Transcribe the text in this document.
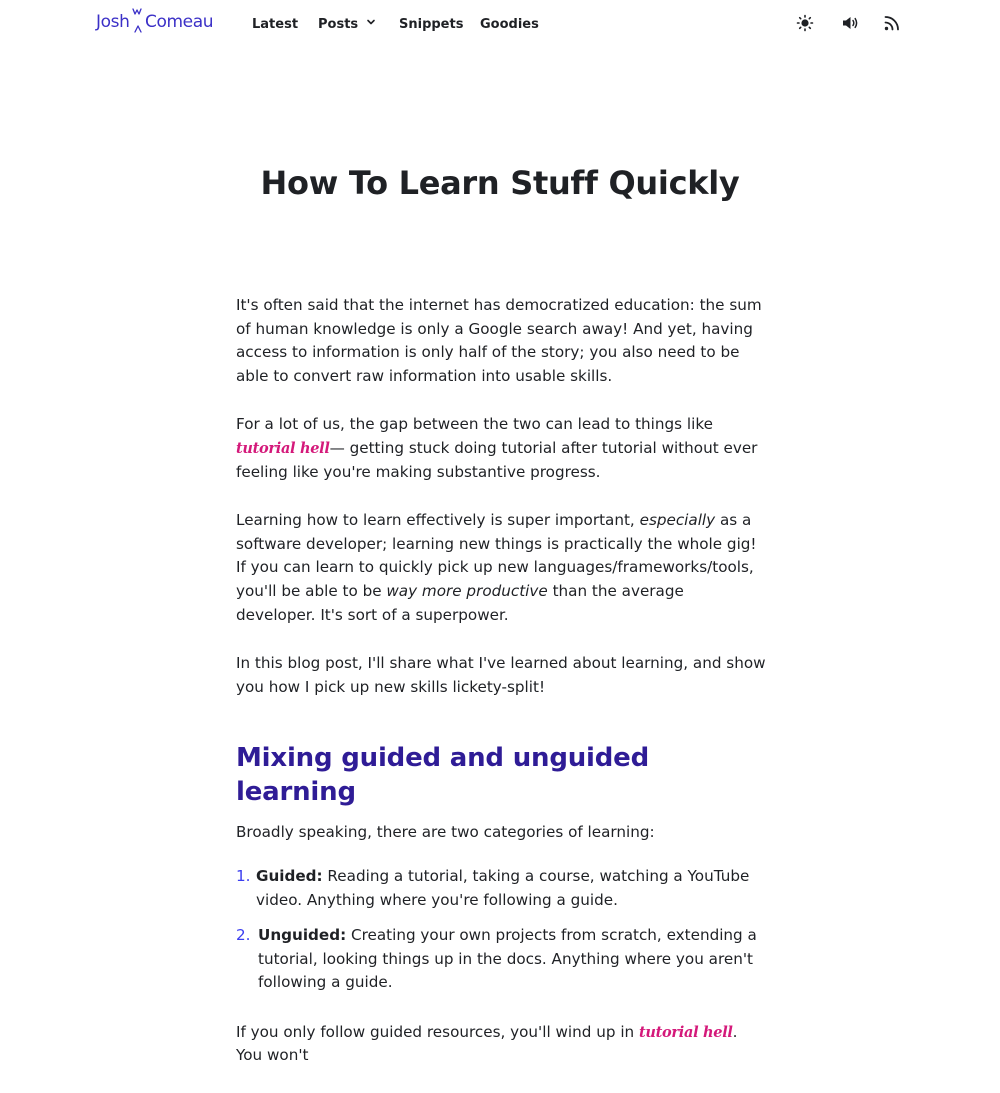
Josh Comeau	Latest Posts	Snippets Goodies
How To Learn Stuff Quickly

It's often said that the internet has democratized education: the sum of human knowledge is only a Google search away! And yet, having access to information is only half of the story; you also need to be able to convert raw information into usable skills.

For a lot of us, the gap between the two can lead to things like tutorial hell— getting stuck doing tutorial after tutorial without ever feeling like you're making substantive progress.

Learning how to learn effectively is super important, especially as a software developer; learning new things is practically the whole gig! If you can learn to quickly pick up new languages/frameworks/tools, you'll be able to be way more productive than the average developer. It's sort of a superpower.

In this blog post, I'll share what I've learned about learning, and show you how I pick up new skills lickety-split!

Mixing guided and unguided learning

Broadly speaking, there are two categories of learning:

1. Guided: Reading a tutorial, taking a course, watching a YouTube video. Anything where you're following a guide.
2. Unguided: Creating your own projects from scratch, extending a tutorial, looking things up in the docs. Anything where you aren't following a guide.

If you only follow guided resources, you'll wind up in tutorial hell. You won't
